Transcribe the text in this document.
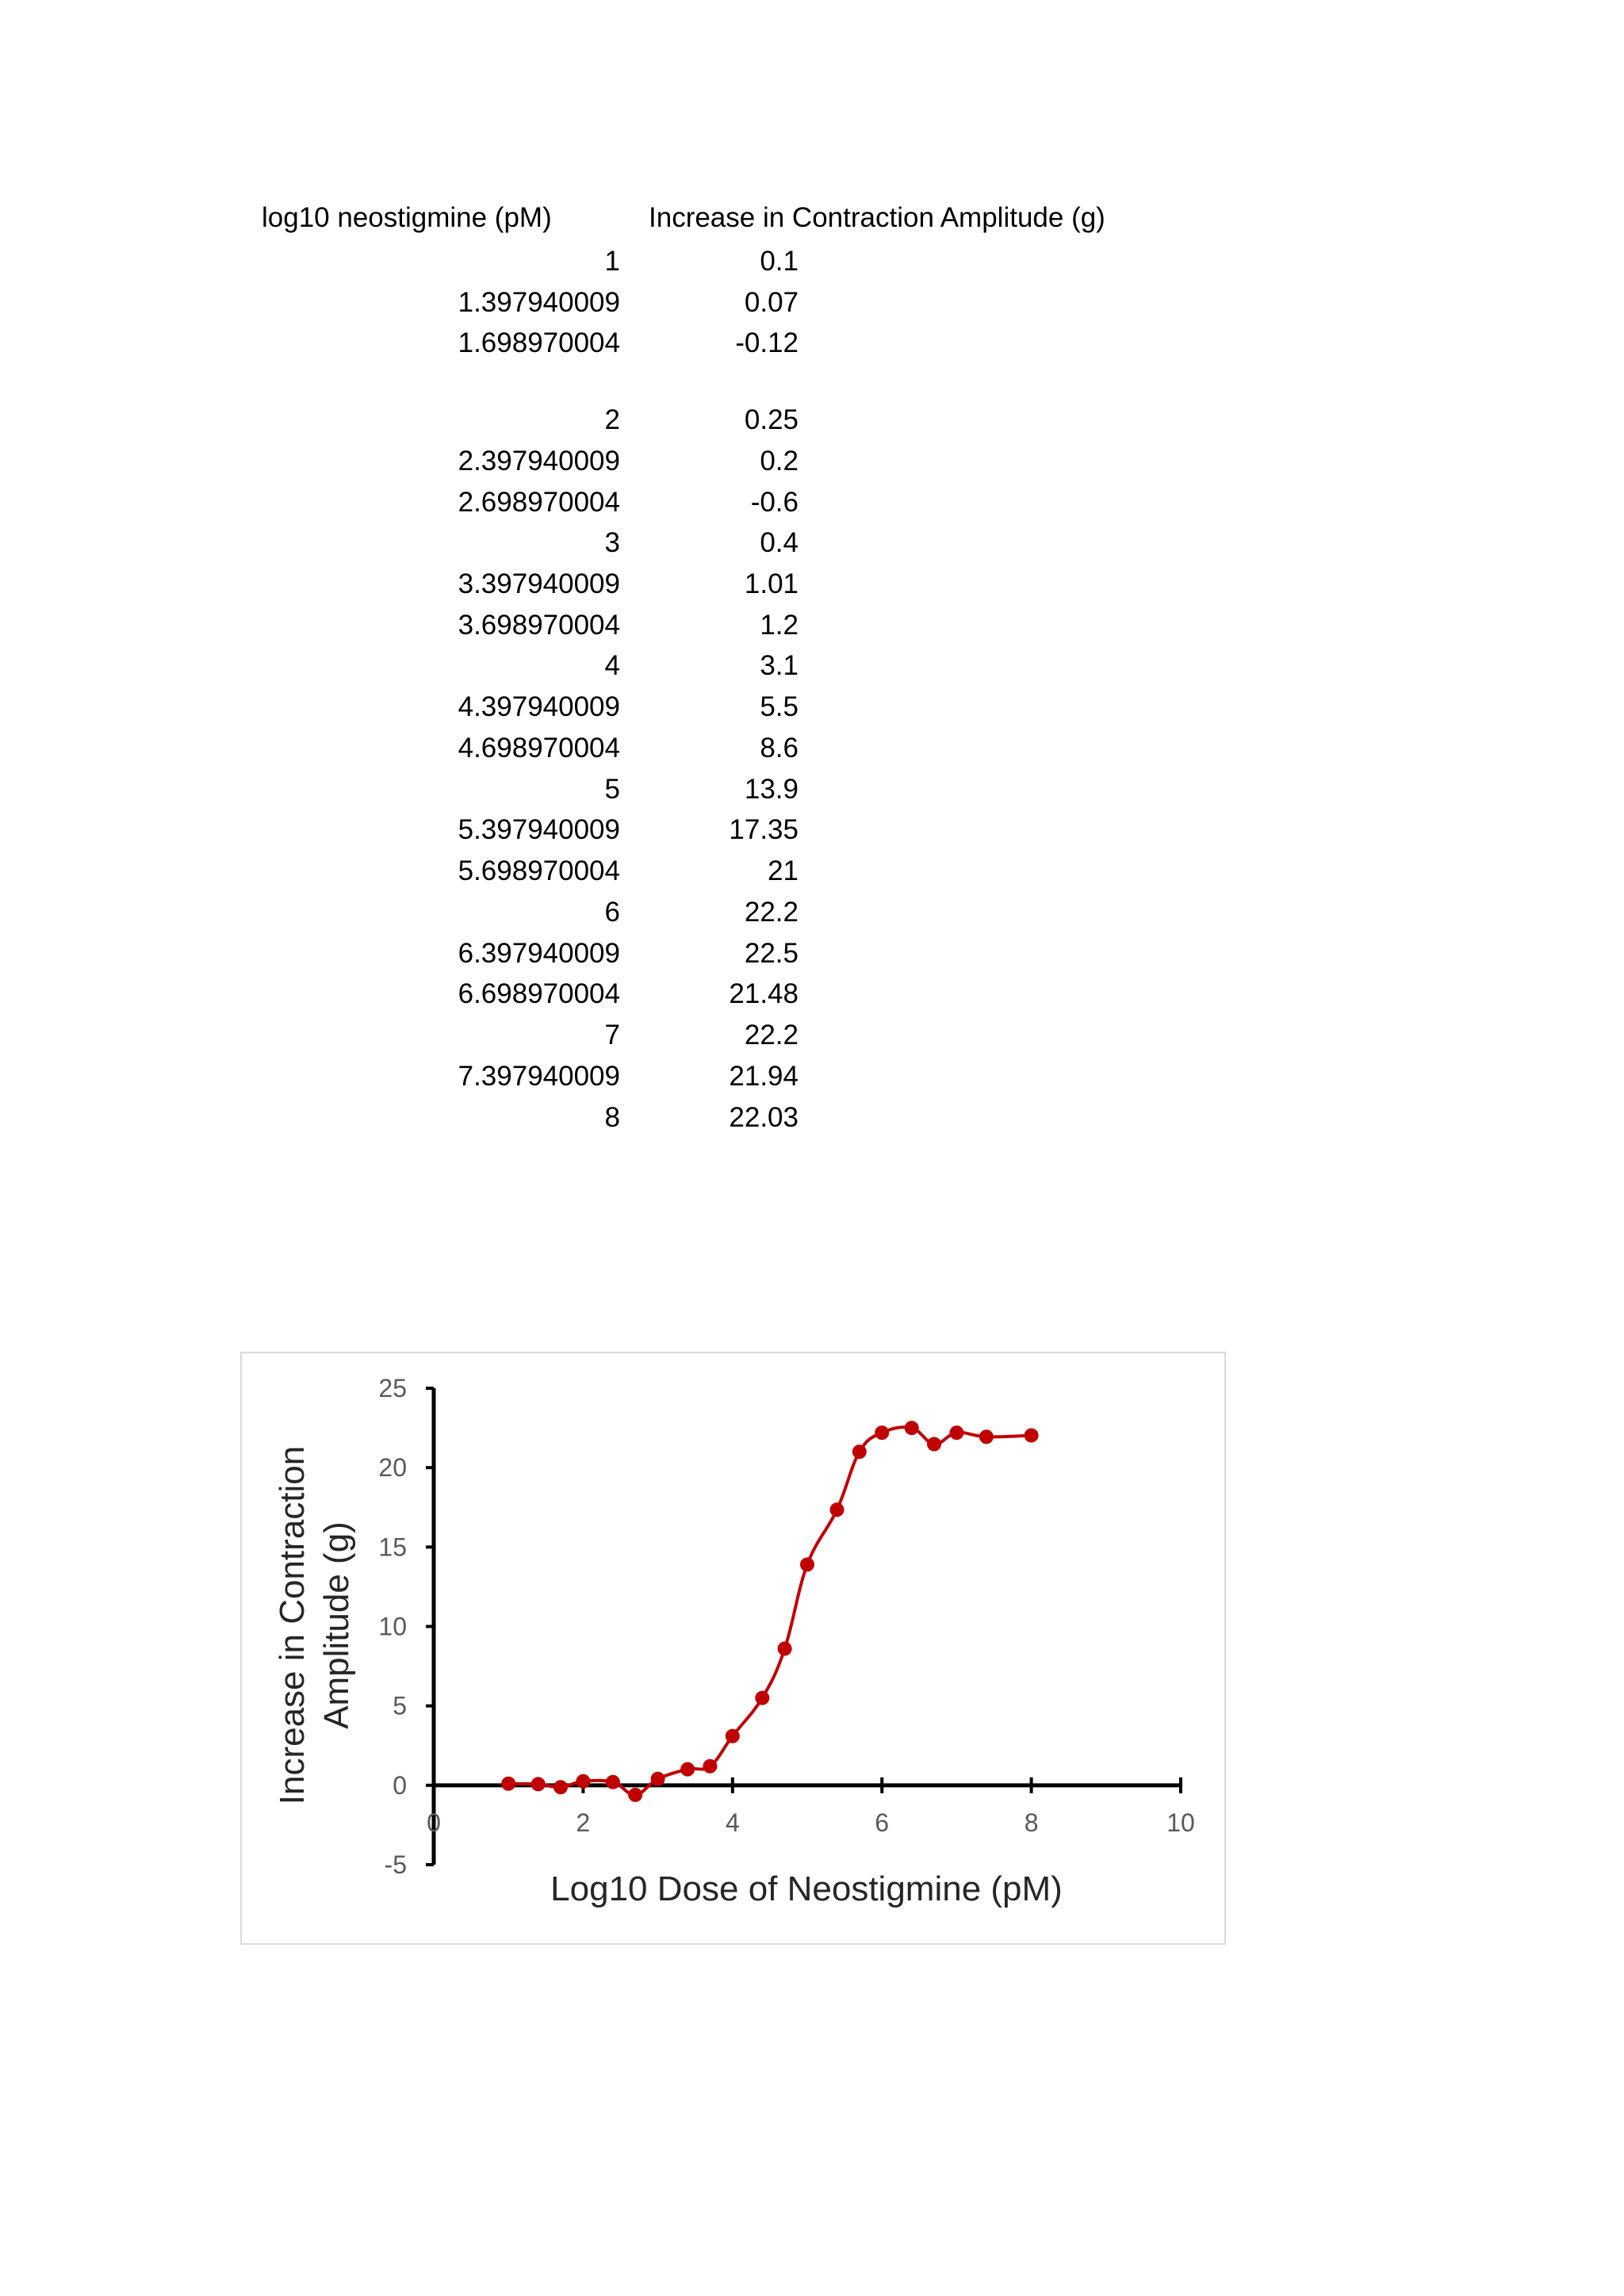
log10 neostigmine (pM)	Increase in Contraction Amplitude (g)
1	0.1
1.397940009	0.07
1.698970004	-0.12
2	0.25
2.397940009	0.2
2.698970004	-0.6
3	0.4
3.397940009	1.01
3.698970004	1.2
4	3.1
4.397940009	5.5
4.698970004	8.6
5	13.9
5.397940009	17.35
5.698970004	21
6	22.2
6.397940009	22.5
6.698970004	21.48
7	22.2
7.397940009	21.94
8	22.03
-5
0
5
10
15
20
25
0	2	4	6	8	10
Log10 Dose of Neostigmine (pM)
Increase in Contraction Amplitude (g)
